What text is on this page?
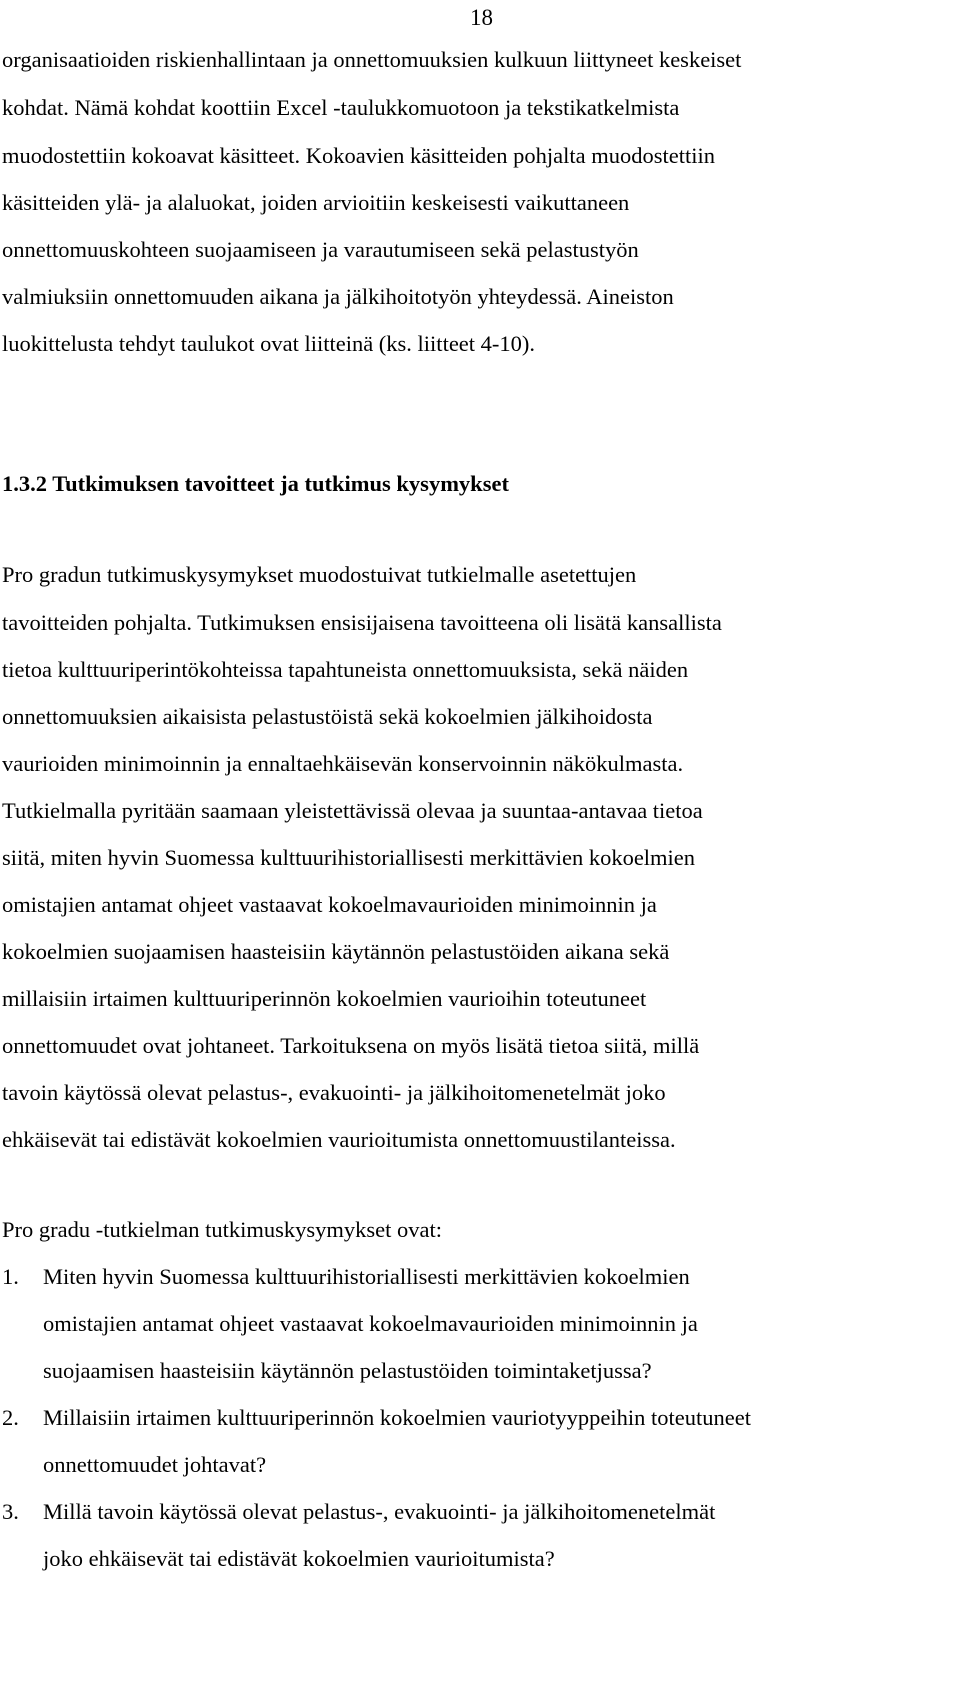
18
organisaatioiden riskienhallintaan ja onnettomuuksien kulkuun liittyneet keskeiset
kohdat. Nämä kohdat koottiin Excel -taulukkomuotoon ja tekstikatkelmista
muodostettiin kokoavat käsitteet. Kokoavien käsitteiden pohjalta muodostettiin
käsitteiden ylä- ja alaluokat, joiden arvioitiin keskeisesti vaikuttaneen
onnettomuuskohteen suojaamiseen ja varautumiseen sekä pelastustyön
valmiuksiin onnettomuuden aikana ja jälkihoitotyön yhteydessä. Aineiston
luokittelusta tehdyt taulukot ovat liitteinä (ks. liitteet 4-10).
1.3.2 Tutkimuksen tavoitteet ja tutkimus kysymykset
Pro gradun tutkimuskysymykset muodostuivat tutkielmalle asetettujen
tavoitteiden pohjalta. Tutkimuksen ensisijaisena tavoitteena oli lisätä kansallista
tietoa kulttuuriperintökohteissa tapahtuneista onnettomuuksista, sekä näiden
onnettomuuksien aikaisista pelastustöistä sekä kokoelmien jälkihoidosta
vaurioiden minimoinnin ja ennaltaehkäisevän konservoinnin näkökulmasta.
Tutkielmalla pyritään saamaan yleistettävissä olevaa ja suuntaa-antavaa tietoa
siitä, miten hyvin Suomessa kulttuurihistoriallisesti merkittävien kokoelmien
omistajien antamat ohjeet vastaavat kokoelmavaurioiden minimoinnin ja
kokoelmien suojaamisen haasteisiin käytännön pelastustöiden aikana sekä
millaisiin irtaimen kulttuuriperinnön kokoelmien vaurioihin toteutuneet
onnettomuudet ovat johtaneet. Tarkoituksena on myös lisätä tietoa siitä, millä
tavoin käytössä olevat pelastus-, evakuointi- ja jälkihoitomenetelmät joko
ehkäisevät tai edistävät kokoelmien vaurioitumista onnettomuustilanteissa.
Pro gradu -tutkielman tutkimuskysymykset ovat:
1. Miten hyvin Suomessa kulttuurihistoriallisesti merkittävien kokoelmien
omistajien antamat ohjeet vastaavat kokoelmavaurioiden minimoinnin ja
suojaamisen haasteisiin käytännön pelastustöiden toimintaketjussa?
2. Millaisiin irtaimen kulttuuriperinnön kokoelmien vauriotyyppeihin toteutuneet
onnettomuudet johtavat?
3. Millä tavoin käytössä olevat pelastus-, evakuointi- ja jälkihoitomenetelmät
joko ehkäisevät tai edistävät kokoelmien vaurioitumista?
